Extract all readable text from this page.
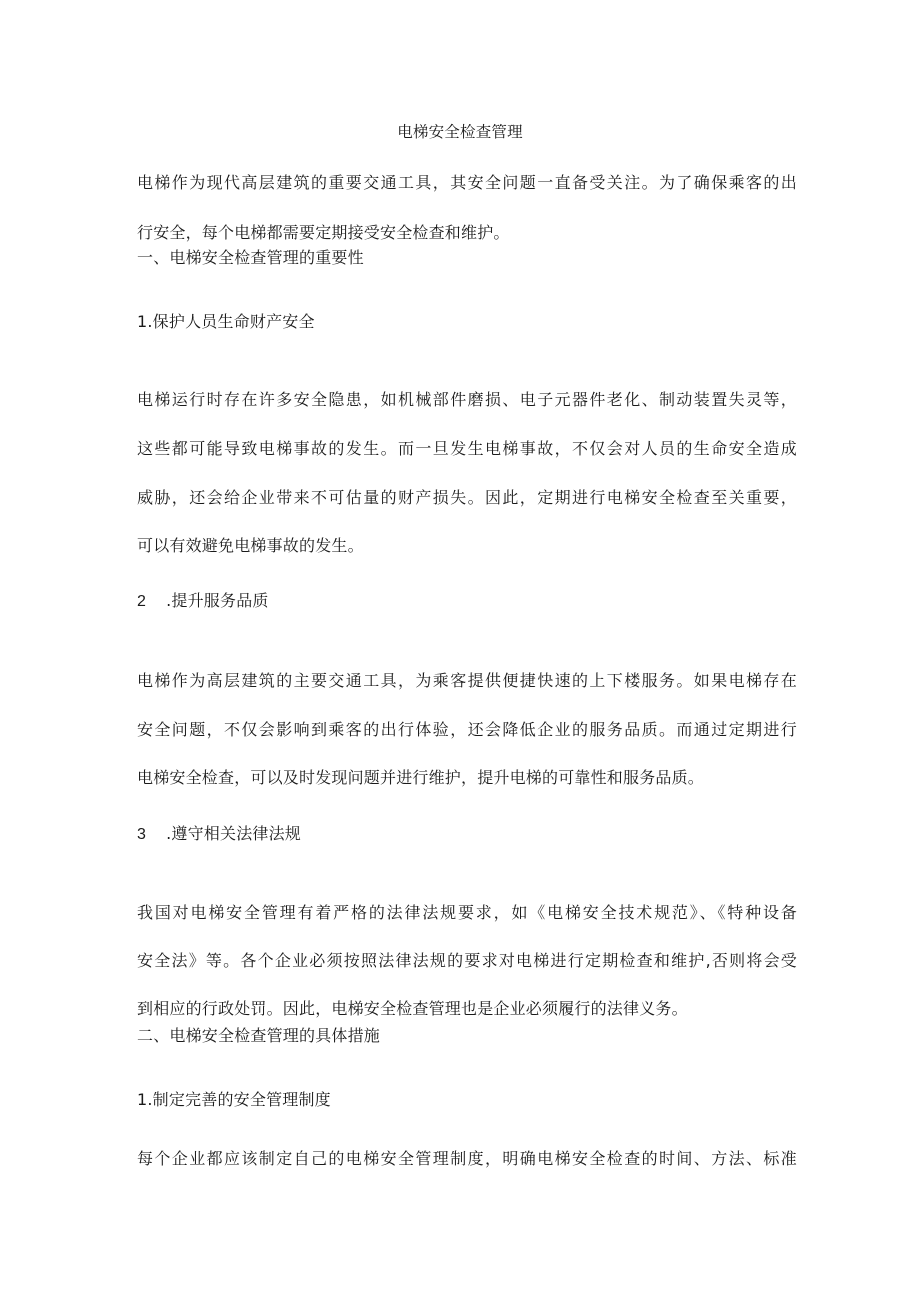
电梯安全检查管理
电梯作为现代高层建筑的重要交通工具，其安全问题一直备受关注。为了确保乘客的出
行安全，每个电梯都需要定期接受安全检查和维护。
一、电梯安全检查管理的重要性
1.保护人员生命财产安全
电梯运行时存在许多安全隐患，如机械部件磨损、电子元器件老化、制动装置失灵等，
这些都可能导致电梯事故的发生。而一旦发生电梯事故，不仅会对人员的生命安全造成
威胁，还会给企业带来不可估量的财产损失。因此，定期进行电梯安全检查至关重要，
可以有效避免电梯事故的发生。
2 .提升服务品质
电梯作为高层建筑的主要交通工具，为乘客提供便捷快速的上下楼服务。如果电梯存在
安全问题，不仅会影响到乘客的出行体验，还会降低企业的服务品质。而通过定期进行
电梯安全检查，可以及时发现问题并进行维护，提升电梯的可靠性和服务品质。
3 .遵守相关法律法规
我国对电梯安全管理有着严格的法律法规要求，如《电梯安全技术规范》、《特种设备
安全法》等。各个企业必须按照法律法规的要求对电梯进行定期检查和维护,否则将会受
到相应的行政处罚。因此，电梯安全检查管理也是企业必须履行的法律义务。
二、电梯安全检查管理的具体措施
1.制定完善的安全管理制度
每个企业都应该制定自己的电梯安全管理制度，明确电梯安全检查的时间、方法、标准
